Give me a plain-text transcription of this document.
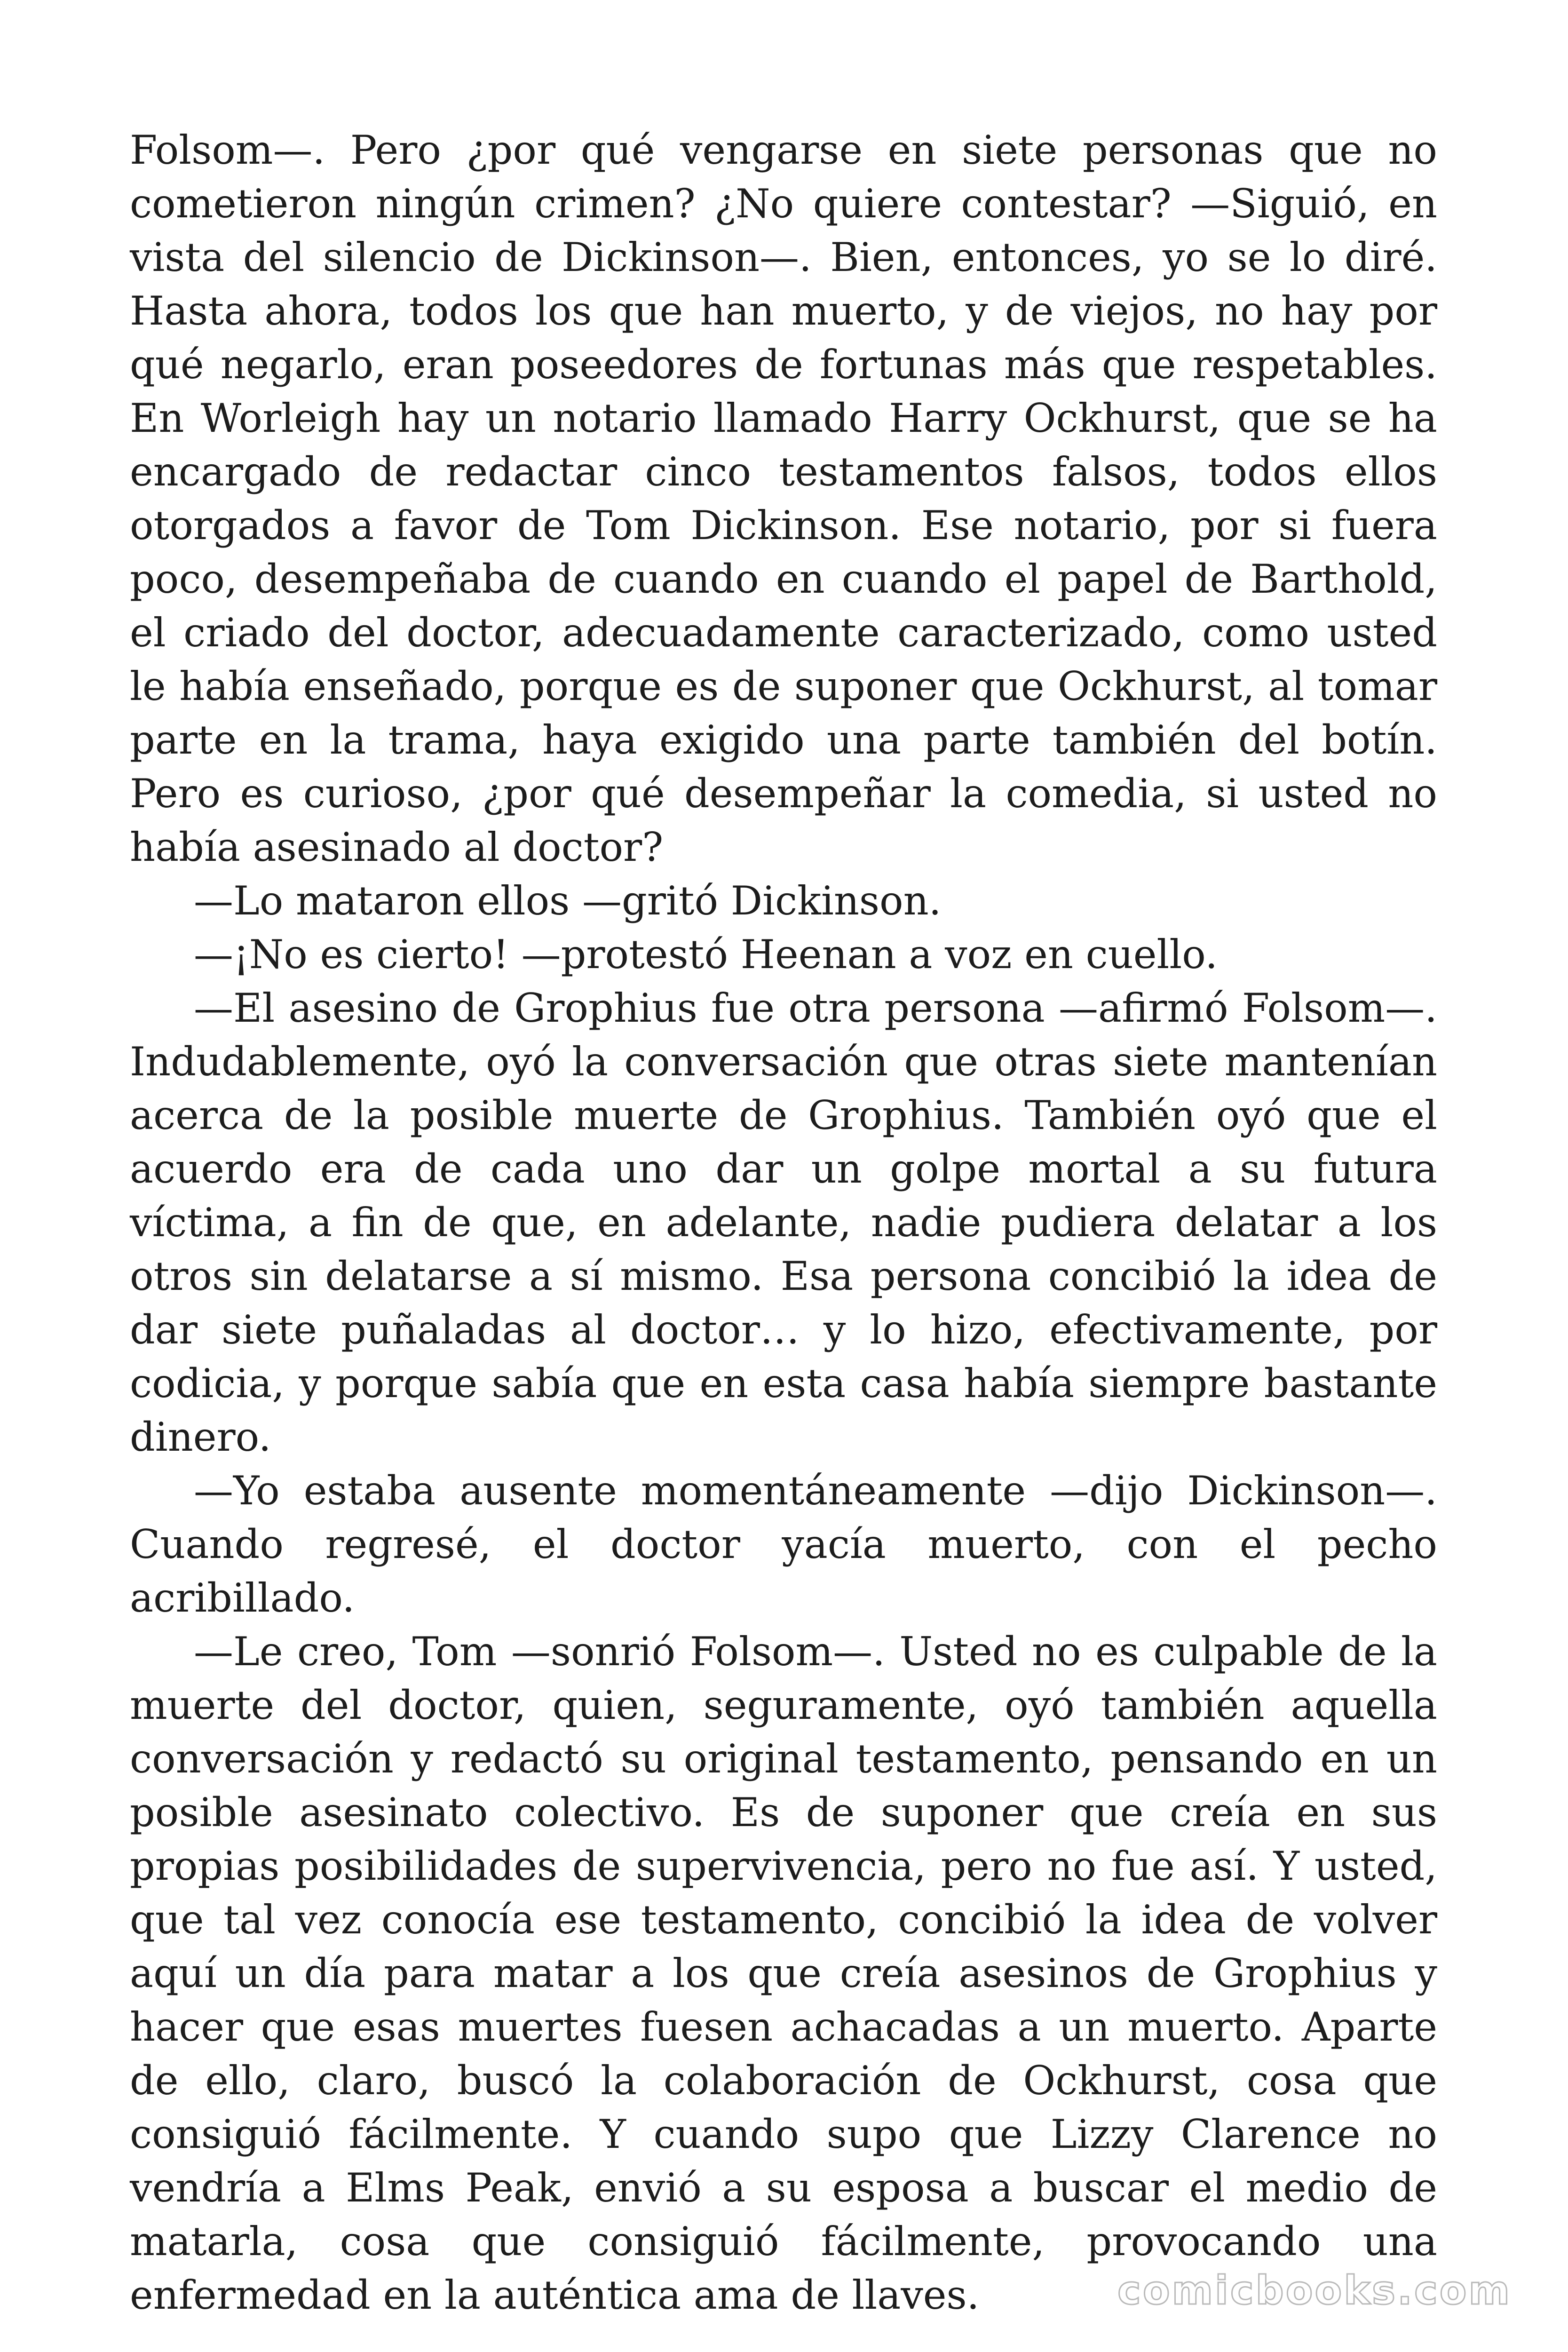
Folsom—. Pero ¿por qué vengarse en siete personas que no cometieron ningún crimen? ¿No quiere contestar? —Siguió, en vista del silencio de Dickinson—. Bien, entonces, yo se lo diré. Hasta ahora, todos los que han muerto, y de viejos, no hay por qué negarlo, eran poseedores de fortunas más que respetables. En Worleigh hay un notario llamado Harry Ockhurst, que se ha encargado de redactar cinco testamentos falsos, todos ellos otorgados a favor de Tom Dickinson. Ese notario, por si fuera poco, desempeñaba de cuando en cuando el papel de Barthold, el criado del doctor, adecuadamente caracterizado, como usted le había enseñado, porque es de suponer que Ockhurst, al tomar parte en la trama, haya exigido una parte también del botín. Pero es curioso, ¿por qué desempeñar la comedia, si usted no había asesinado al doctor?

—Lo mataron ellos —gritó Dickinson.

—¡No es cierto! —protestó Heenan a voz en cuello.

—El asesino de Grophius fue otra persona —afirmó Folsom—. Indudablemente, oyó la conversación que otras siete mantenían acerca de la posible muerte de Grophius. También oyó que el acuerdo era de cada uno dar un golpe mortal a su futura víctima, a fin de que, en adelante, nadie pudiera delatar a los otros sin delatarse a sí mismo. Esa persona concibió la idea de dar siete puñaladas al doctor… y lo hizo, efectivamente, por codicia, y porque sabía que en esta casa había siempre bastante dinero.

—Yo estaba ausente momentáneamente —dijo Dickinson—. Cuando regresé, el doctor yacía muerto, con el pecho acribillado.

—Le creo, Tom —sonrió Folsom—. Usted no es culpable de la muerte del doctor, quien, seguramente, oyó también aquella conversación y redactó su original testamento, pensando en un posible asesinato colectivo. Es de suponer que creía en sus propias posibilidades de supervivencia, pero no fue así. Y usted, que tal vez conocía ese testamento, concibió la idea de volver aquí un día para matar a los que creía asesinos de Grophius y hacer que esas muertes fuesen achacadas a un muerto. Aparte de ello, claro, buscó la colaboración de Ockhurst, cosa que consiguió fácilmente. Y cuando supo que Lizzy Clarence no vendría a Elms Peak, envió a su esposa a buscar el medio de matarla, cosa que consiguió fácilmente, provocando una enfermedad en la auténtica ama de llaves.	comicbooks.com
